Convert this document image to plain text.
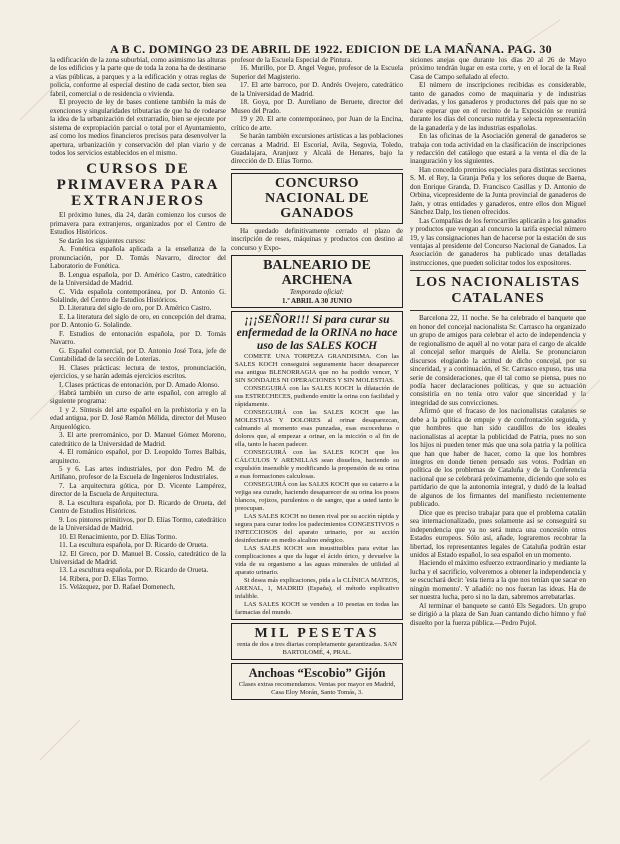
A B C. DOMINGO 23 DE ABRIL DE 1922. EDICION DE LA MAÑANA. PAG. 30

la edificación de la zona suburbial, como asimismo las alturas de los edificios y la parte que de toda la zona ha de destinarse a vías públicas, a parques y a la edificación y otras reglas de policía, conforme al especial destino de cada sector, bien sea fabril, comercial o de residencia o vivienda.

El proyecto de ley de bases contiene también la más de exenciones y singularidades tributarias de que ha de rodearse la idea de la urbanización del extrarradio, bien se ejecute por sistema de expropiación parcial o total por el Ayuntamiento, así como los medios financieros precisos para desenvolver la apertura, urbanización y conservación del plan viario y de todos los servicios establecidos en el mismo.

CURSOS DE PRIMAVERA PARA EXTRANJEROS

El próximo lunes, día 24, darán comienzo los cursos de primavera para extranjeros, organizados por el Centro de Estudios Históricos.

Se darán los siguientes cursos:

A. Fonética española aplicada a la enseñanza de la pronunciación, por D. Tomás Navarro, director del Laboratorio de Fonética.

B. Lengua española, por D. Américo Castro, catedrático de la Universidad de Madrid.

C. Vida española contemporánea, por D. Antonio G. Solalinde, del Centro de Estudios Históricos.

D. Literatura del siglo de oro, por D. Américo Castro.

E. La literatura del siglo de oro, en concepción del drama, por D. Antonio G. Solalinde.

F. Estudios de entonación española, por D. Tomás Navarro.

G. Español comercial, por D. Antonio José Tora, jefe de Contabilidad de la sección de Loterías.

H. Clases prácticas: lectura de textos, pronunciación, ejercicios, y se harán además ejercicios escritos.

I. Clases prácticas de entonación, por D. Amado Alonso.

Habrá también un curso de arte español, con arreglo al siguiente programa:

1 y 2. Síntesis del arte español en la prehistoria y en la edad antigua, por D. José Ramón Mélida, director del Museo Arqueológico.

3. El arte prerrománico, por D. Manuel Gómez Moreno, catedrático de la Universidad de Madrid.

4. El románico español, por D. Leopoldo Torres Balbás, arquitecto.

5 y 6. Las artes industriales, por don Pedro M. de Artíñano, profesor de la Escuela de Ingenieros Industriales.

7. La arquitectura gótica, por D. Vicente Lampérez, director de la Escuela de Arquitectura.

8. La escultura española, por D. Ricardo de Orueta, del Centro de Estudios Históricos.

9. Los pintores primitivos, por D. Elías Tormo, catedrático de la Universidad de Madrid.

10. El Renacimiento, por D. Elías Tormo.

11. La escultura española, por D. Ricardo de Orueta.

12. El Greco, por D. Manuel B. Cossío, catedrático de la Universidad de Madrid.

13. La escultura española, por D. Ricardo de Orueta.

14. Ribera, por D. Elías Tormo.

15. Velázquez, por D. Rafael Domenech,

profesor de la Escuela Especial de Pintura.

16. Murillo, por D. Angel Vegue, profesor de la Escuela Superior del Magisterio.

17. El arte barroco, por D. Andrés Ovejero, catedrático de la Universidad de Madrid.

18. Goya, por D. Aureliano de Beruete, director del Museo del Prado.

19 y 20. El arte contemporáneo, por Juan de la Encina, crítico de arte.

Se harán también excursiones artísticas a las poblaciones cercanas a Madrid. El Escorial, Avila, Segovia, Toledo, Guadalajara, Aranjuez y Alcalá de Henares, bajo la dirección de D. Elías Tormo.

CONCURSO NACIONAL DE GANADOS

Ha quedado definitivamente cerrado el plazo de inscripción de reses, máquinas y productos con destino al concurso y Expo-

BALNEARIO DE ARCHENA
Temporada oficial:
1.º ABRIL A 30 JUNIO
¡¡¡SEÑOR!!! Si para curar su enfermedad de la ORINA no hace uso de las SALES KOCH

COMETE UNA TORPEZA GRANDISIMA. Con las SALES KOCH conseguirá seguramente hacer desaparecer esa antigua BLENORRAGIA que no ha podido vencer, Y SIN SONDAJES NI OPERACIONES Y SIN MOLESTIAS.

CONSEGUIRÁ con las SALES KOCH la dilatación de sus ESTRECHECES, pudiendo emitir la orina con facilidad y rápidamente.

CONSEGUIRÁ con las SALES KOCH que las MOLESTIAS Y DOLORES al orinar desaparezcan, calmando al momento esas punzadas, esas escoceduras o dolores que, al empezar a orinar, en la micción o al fin de ella, tanto le hacen padecer.

CONSEGUIRÁ con las SALES KOCH que los CÁLCULOS Y ARENILLAS sean disueltos, haciendo su expulsión insensible y modificando la propensión de su orina a esas formaciones calculosas.

CONSEGUIRÁ con las SALES KOCH que su catarro a la vejiga sea curado, haciendo desaparecer de su orina los posos blancos, rojizos, purulentos o de sangre, que a usted tanto le preocupan.

LAS SALES KOCH no tienen rival por su acción rápida y segura para curar todos los padecimientos CONGESTIVOS o INFECCIOSOS del aparato urinario, por su acción desinfectante en medio alcalino enérgico.

LAS SALES KOCH son insustituibles para evitar las complicaciones a que da lugar el ácido úrico, y devuelve la vida de su organismo a las aguas minerales de utilidad al aparato urinario.

Si desea más explicaciones, pida a la CLÍNICA MATEOS, ARENAL, 1, MADRID (España), el método explicativo infalible.

LAS SALES KOCH se venden a 10 pesetas en todas las farmacias del mundo.

MIL PESETAS
renta de dos a tres diarias completamente garantizadas. SAN BARTOLOMÉ, 4, PRAL.
Anchoas “Escobio” Gijón
Clases extras recomendamos. Ventas por mayor en Madrid, Casa Eloy Morán, Santo Tomás, 3.

siciones anejas que durante los días 20 al 26 de Mayo próximo tendrán lugar en esta corte, y en el local de la Real Casa de Campo señalado al efecto.

El número de inscripciones recibidas es considerable, tanto de ganados como de maquinaria y de industrias derivadas, y los ganaderos y productores del país que no se hace esperar que en el recinto de la Exposición se reunirá durante los días del concurso nutrida y selecta representación de la ganadería y de las industrias españolas.

En las oficinas de la Asociación general de ganaderos se trabaja con toda actividad en la clasificación de inscripciones y redacción del catálogo que estará a la venta el día de la inauguración y los siguientes.

Han concedido premios especiales para distintas secciones S. M. el Rey, la Granja Peña y los señores duque de Baena, don Enrique Granda, D. Francisco Casillas y D. Antonio de Orbina, vicepresidente de la Junta provincial de ganaderos de Jaén, y otras entidades y ganaderos, entre ellos don Miguel Sánchez Dalp, los tienen ofrecidos.

Las Compañías de los ferrocarriles aplicarán a los ganados y productos que vengan al concurso la tarifa especial número 19, y las consignaciones han de hacerse por la estación de sus ventajas al presidente del Concurso Nacional de Ganados. La Asociación de ganaderos ha publicado unas detalladas instrucciones, que pueden solicitar todos los expositores.

LOS NACIONALISTAS CATALANES

Barcelona 22, 11 noche. Se ha celebrado el banquete que en honor del concejal nacionalista Sr. Carrasco ha organizado un grupo de amigos para celebrar el acto de independencia y de regionalismo de aquél al no votar para el cargo de alcalde al concejal señor marqués de Alella. Se pronunciaron discursos elogiando la actitud de dicho concejal, por su sinceridad, y a continuación, el Sr. Carrasco expuso, tras una serie de consideraciones, que él tal como se piensa, pues no podía hacer declaraciones políticas, y que su actuación consistiría en no tenía otro valor que sinceridad y la integridad de sus convicciones.

Afirmó que el fracaso de los nacionalistas catalanes se debe a la política de empuje y de confrontación seguida, y que hombres que han sido caudillos de los ideales nacionalistas al aceptar la publicidad de Patria, pues no son los hijos ni pueden tener más que una sola patria y la política que han que haber de hacer, como la que los hombres íntegros en donde tienen pensado sus votos. Podrían en política de los problemas de Cataluña y de la Conferencia nacional que se celebrará próximamente, diciendo que solo es partidario de que la autonomía integral, y dudó de la lealtad de algunos de los firmantes del manifiesto recientemente publicado.

Dice que es preciso trabajar para que el problema catalán sea internacionalizado, pues solamente así se conseguirá su independencia que ya no será nunca una concesión otros Estados europeos. Sólo así, añade, lograremos recobrar la libertad, los representantes legales de Cataluña podrán estar unidos al Estado español, lo sea español en un momento.

Haciendo el máximo esfuerzo extraordinario y mediante la lucha y el sacrificio, volveremos a obtener la independencia y se escuchará decir: 'esta tierra a la que nos tenían que sacar en ningún momento'. Y añadió: no nos fueran las ideas. Ha de ser nuestra lucha, pero si no la dan, sabremos arrebatarlas.

Al terminar el banquete se cantó Els Segadors. Un grupo se dirigió a la plaza de San Juan cantando dicho himno y fué disuelto por la fuerza pública.—Pedro Pujol.
